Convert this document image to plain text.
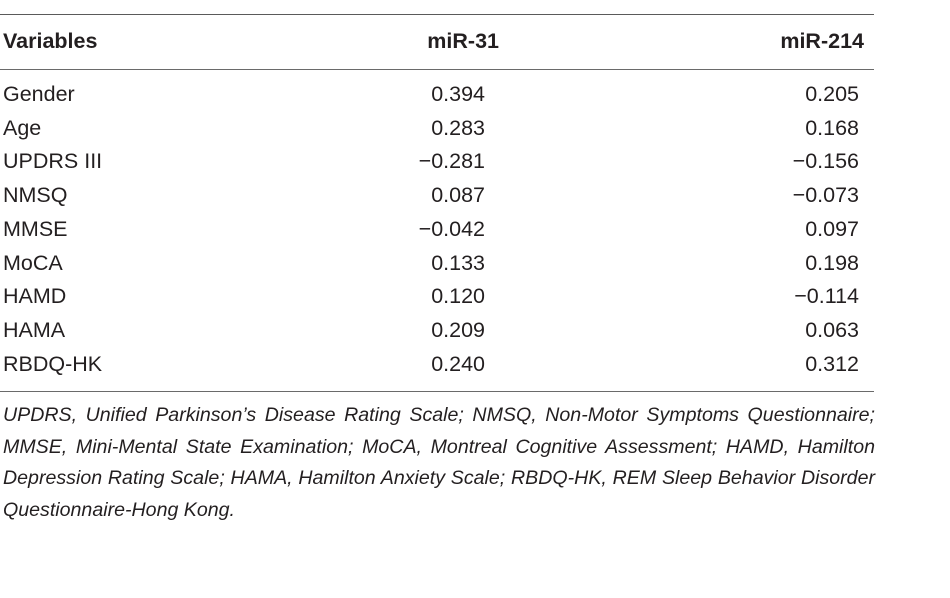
Variables	miR-31	miR-214
Gender	0.394	0.205
Age	0.283	0.168
UPDRS III	−0.281	−0.156
NMSQ	0.087	−0.073
MMSE	−0.042	0.097
MoCA	0.133	0.198
HAMD	0.120	−0.114
HAMA	0.209	0.063
RBDQ-HK	0.240	0.312
UPDRS, Unified Parkinson’s Disease Rating Scale; NMSQ, Non-Motor Symptoms Questionnaire; MMSE, Mini-Mental State Examination; MoCA, Montreal Cognitive Assessment; HAMD, Hamilton Depression Rating Scale; HAMA, Hamilton Anxiety Scale; RBDQ-HK, REM Sleep Behavior Disorder Questionnaire-Hong Kong.
